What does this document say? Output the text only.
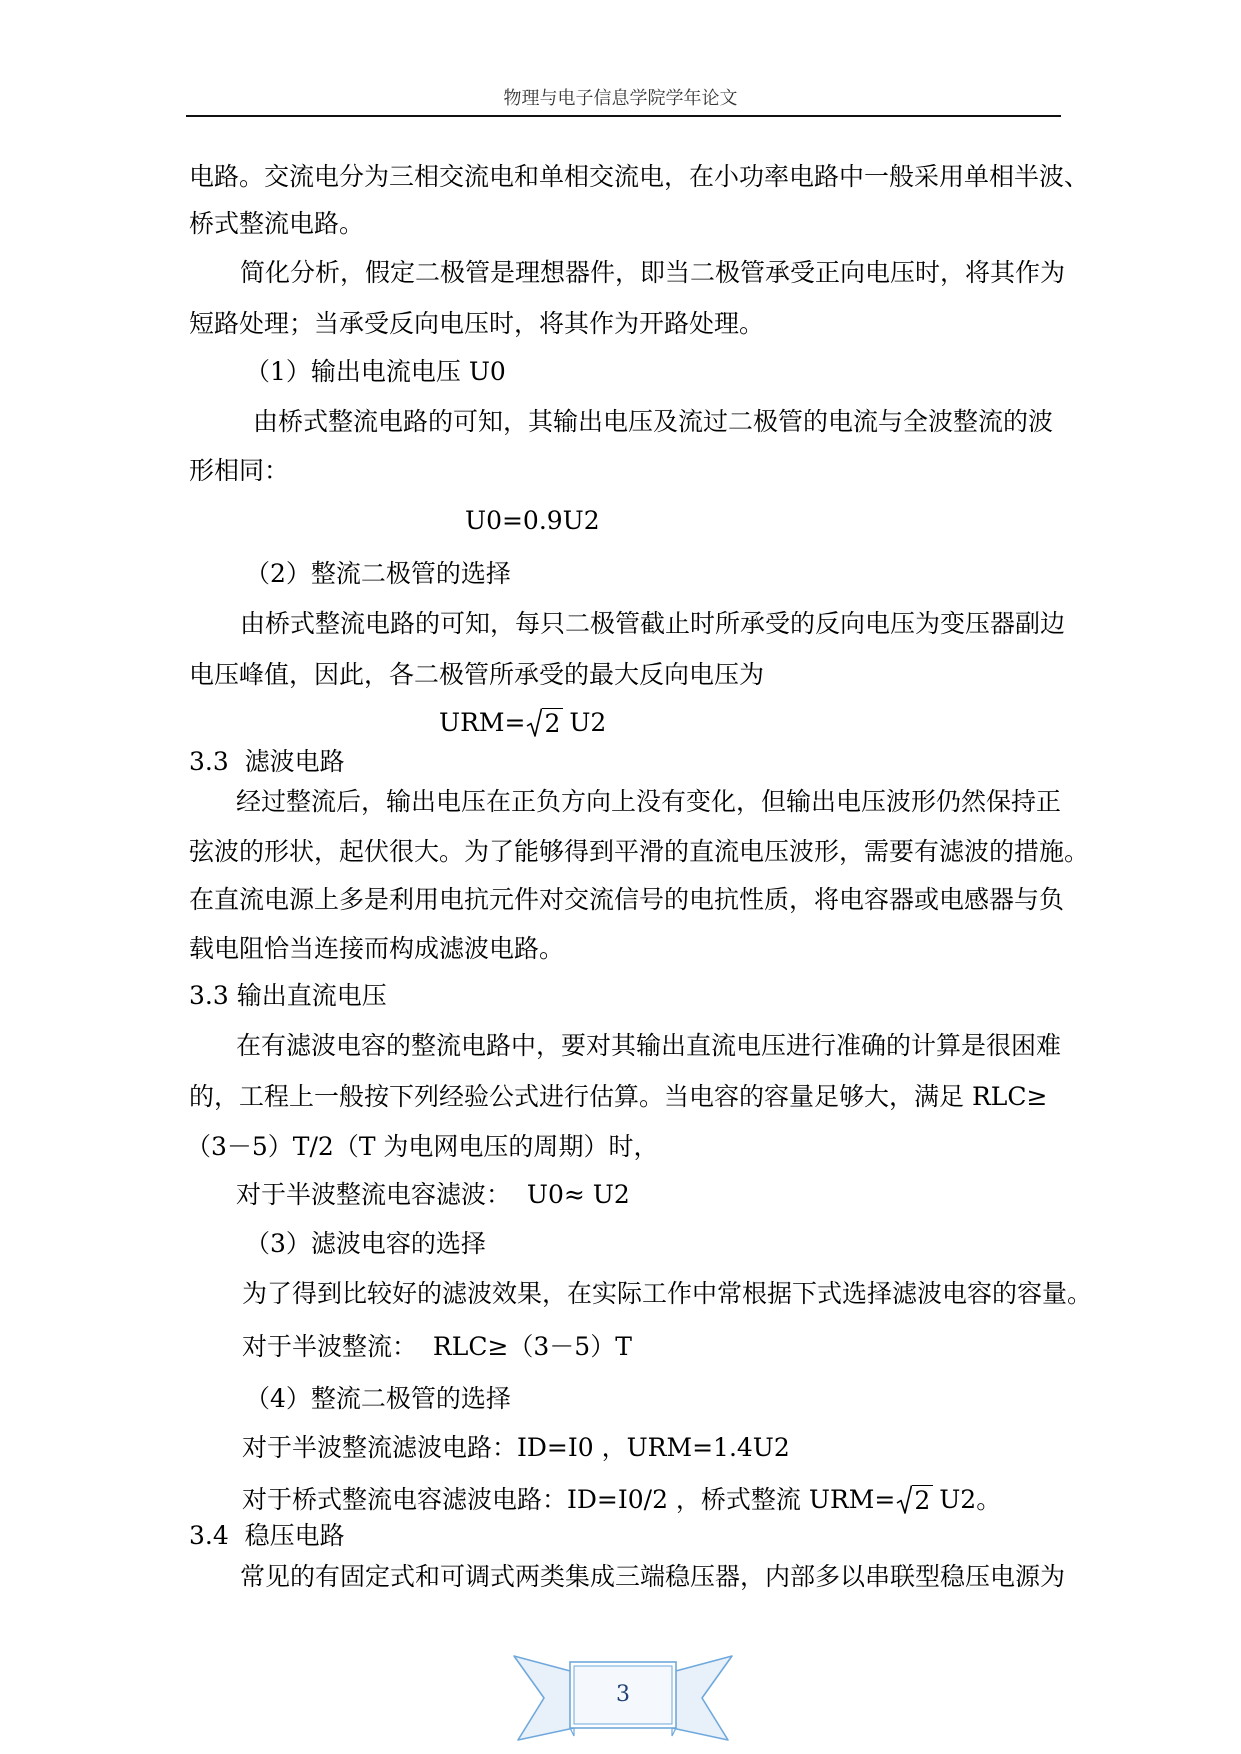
物理与电子信息学院学年论文
电路。交流电分为三相交流电和单相交流电，在小功率电路中一般采用单相半波、
桥式整流电路。
简化分析，假定二极管是理想器件，即当二极管承受正向电压时，将其作为
短路处理；当承受反向电压时，将其作为开路处理。
（1）输出电流电压 U0
由桥式整流电路的可知，其输出电压及流过二极管的电流与全波整流的波
形相同：
U0=0.9U2
（2）整流二极管的选择
由桥式整流电路的可知，每只二极管截止时所承受的反向电压为变压器副边
电压峰值，因此，各二极管所承受的最大反向电压为
URM= 2 U2
3.3  滤波电路
经过整流后，输出电压在正负方向上没有变化，但输出电压波形仍然保持正
弦波的形状，起伏很大。为了能够得到平滑的直流电压波形，需要有滤波的措施。
在直流电源上多是利用电抗元件对交流信号的电抗性质，将电容器或电感器与负
载电阻恰当连接而构成滤波电路。
3.3 输出直流电压
在有滤波电容的整流电路中，要对其输出直流电压进行准确的计算是很困难
的，工程上一般按下列经验公式进行估算。当电容的容量足够大，满足 RLC≥
（3－5）T/2（T 为电网电压的周期）时，
对于半波整流电容滤波：  U0≈ U2
（3）滤波电容的选择
为了得到比较好的滤波效果，在实际工作中常根据下式选择滤波电容的容量。
对于半波整流：  RLC≥（3－5）T
（4）整流二极管的选择
对于半波整流滤波电路：ID=I0 ，URM=1.4U2
对于桥式整流电容滤波电路：ID=I0/2 ，桥式整流 URM= 2 U2。
3.4  稳压电路
常见的有固定式和可调式两类集成三端稳压器，内部多以串联型稳压电源为
3
